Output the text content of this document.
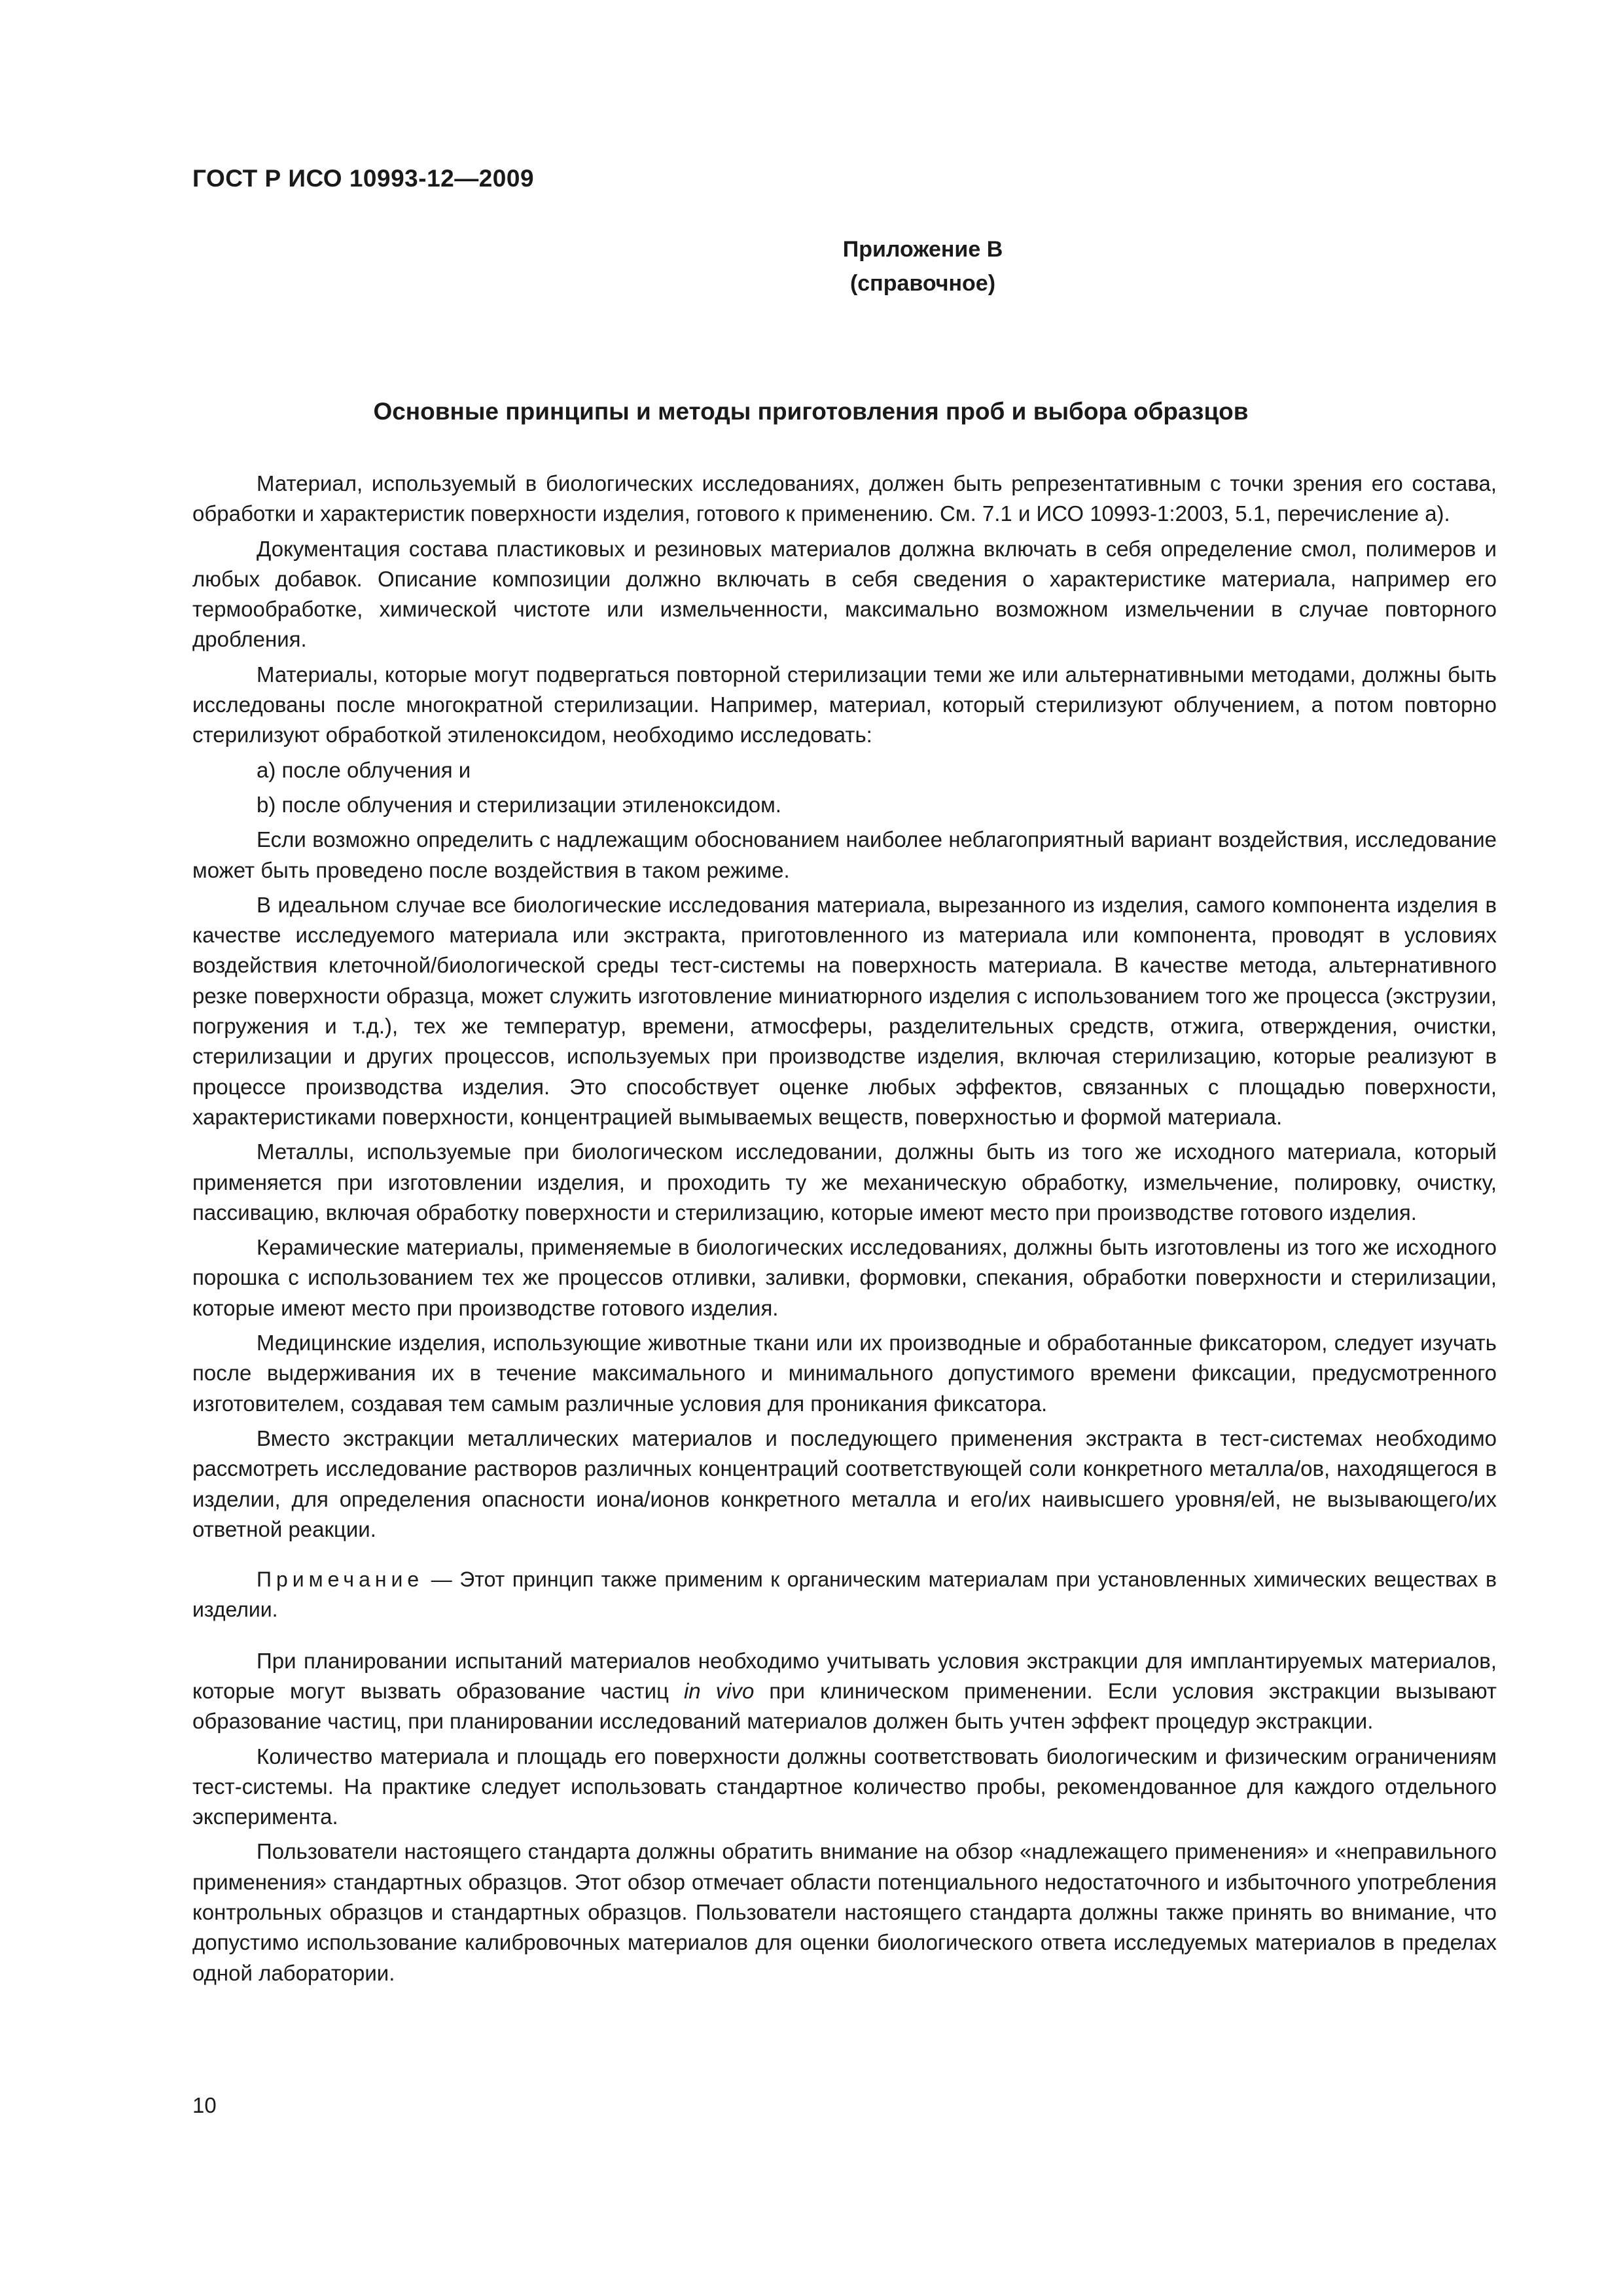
ГОСТ Р ИСО 10993-12—2009
Приложение В
(справочное)
Основные принципы и методы приготовления проб и выбора образцов

Материал, используемый в биологических исследованиях, должен быть репрезентативным с точки зрения его состава, обработки и характеристик поверхности изделия, готового к применению. См. 7.1 и ИСО 10993-1:2003, 5.1, перечисление а).

Документация состава пластиковых и резиновых материалов должна включать в себя определение смол, полимеров и любых добавок. Описание композиции должно включать в себя сведения о характеристике материала, например его термообработке, химической чистоте или измельченности, максимально возможном измельчении в случае повторного дробления.

Материалы, которые могут подвергаться повторной стерилизации теми же или альтернативными методами, должны быть исследованы после многократной стерилизации. Например, материал, который стерилизуют облучением, а потом повторно стерилизуют обработкой этиленоксидом, необходимо исследовать:

а) после облучения и

b) после облучения и стерилизации этиленоксидом.

Если возможно определить с надлежащим обоснованием наиболее неблагоприятный вариант воздействия, исследование может быть проведено после воздействия в таком режиме.

В идеальном случае все биологические исследования материала, вырезанного из изделия, самого компонента изделия в качестве исследуемого материала или экстракта, приготовленного из материала или компонента, проводят в условиях воздействия клеточной/биологической среды тест-системы на поверхность материала. В качестве метода, альтернативного резке поверхности образца, может служить изготовление миниатюрного изделия с использованием того же процесса (экструзии, погружения и т.д.), тех же температур, времени, атмосферы, разделительных средств, отжига, отверждения, очистки, стерилизации и других процессов, используемых при производстве изделия, включая стерилизацию, которые реализуют в процессе производства изделия. Это способствует оценке любых эффектов, связанных с площадью поверхности, характеристиками поверхности, концентрацией вымываемых веществ, поверхностью и формой материала.

Металлы, используемые при биологическом исследовании, должны быть из того же исходного материала, который применяется при изготовлении изделия, и проходить ту же механическую обработку, измельчение, полировку, очистку, пассивацию, включая обработку поверхности и стерилизацию, которые имеют место при производстве готового изделия.

Керамические материалы, применяемые в биологических исследованиях, должны быть изготовлены из того же исходного порошка с использованием тех же процессов отливки, заливки, формовки, спекания, обработки поверхности и стерилизации, которые имеют место при производстве готового изделия.

Медицинские изделия, использующие животные ткани или их производные и обработанные фиксатором, следует изучать после выдерживания их в течение максимального и минимального допустимого времени фиксации, предусмотренного изготовителем, создавая тем самым различные условия для проникания фиксатора.

Вместо экстракции металлических материалов и последующего применения экстракта в тест-системах необходимо рассмотреть исследование растворов различных концентраций соответствующей соли конкретного металла/ов, находящегося в изделии, для определения опасности иона/ионов конкретного металла и его/их наивысшего уровня/ей, не вызывающего/их ответной реакции.

Примечание — Этот принцип также применим к органическим материалам при установленных химических веществах в изделии.

При планировании испытаний материалов необходимо учитывать условия экстракции для имплантируемых материалов, которые могут вызвать образование частиц in vivo при клиническом применении. Если условия экстракции вызывают образование частиц, при планировании исследований материалов должен быть учтен эффект процедур экстракции.

Количество материала и площадь его поверхности должны соответствовать биологическим и физическим ограничениям тест-системы. На практике следует использовать стандартное количество пробы, рекомендованное для каждого отдельного эксперимента.

Пользователи настоящего стандарта должны обратить внимание на обзор «надлежащего применения» и «неправильного применения» стандартных образцов. Этот обзор отмечает области потенциального недостаточного и избыточного употребления контрольных образцов и стандартных образцов. Пользователи настоящего стандарта должны также принять во внимание, что допустимо использование калибровочных материалов для оценки биологического ответа исследуемых материалов в пределах одной лаборатории.

10
